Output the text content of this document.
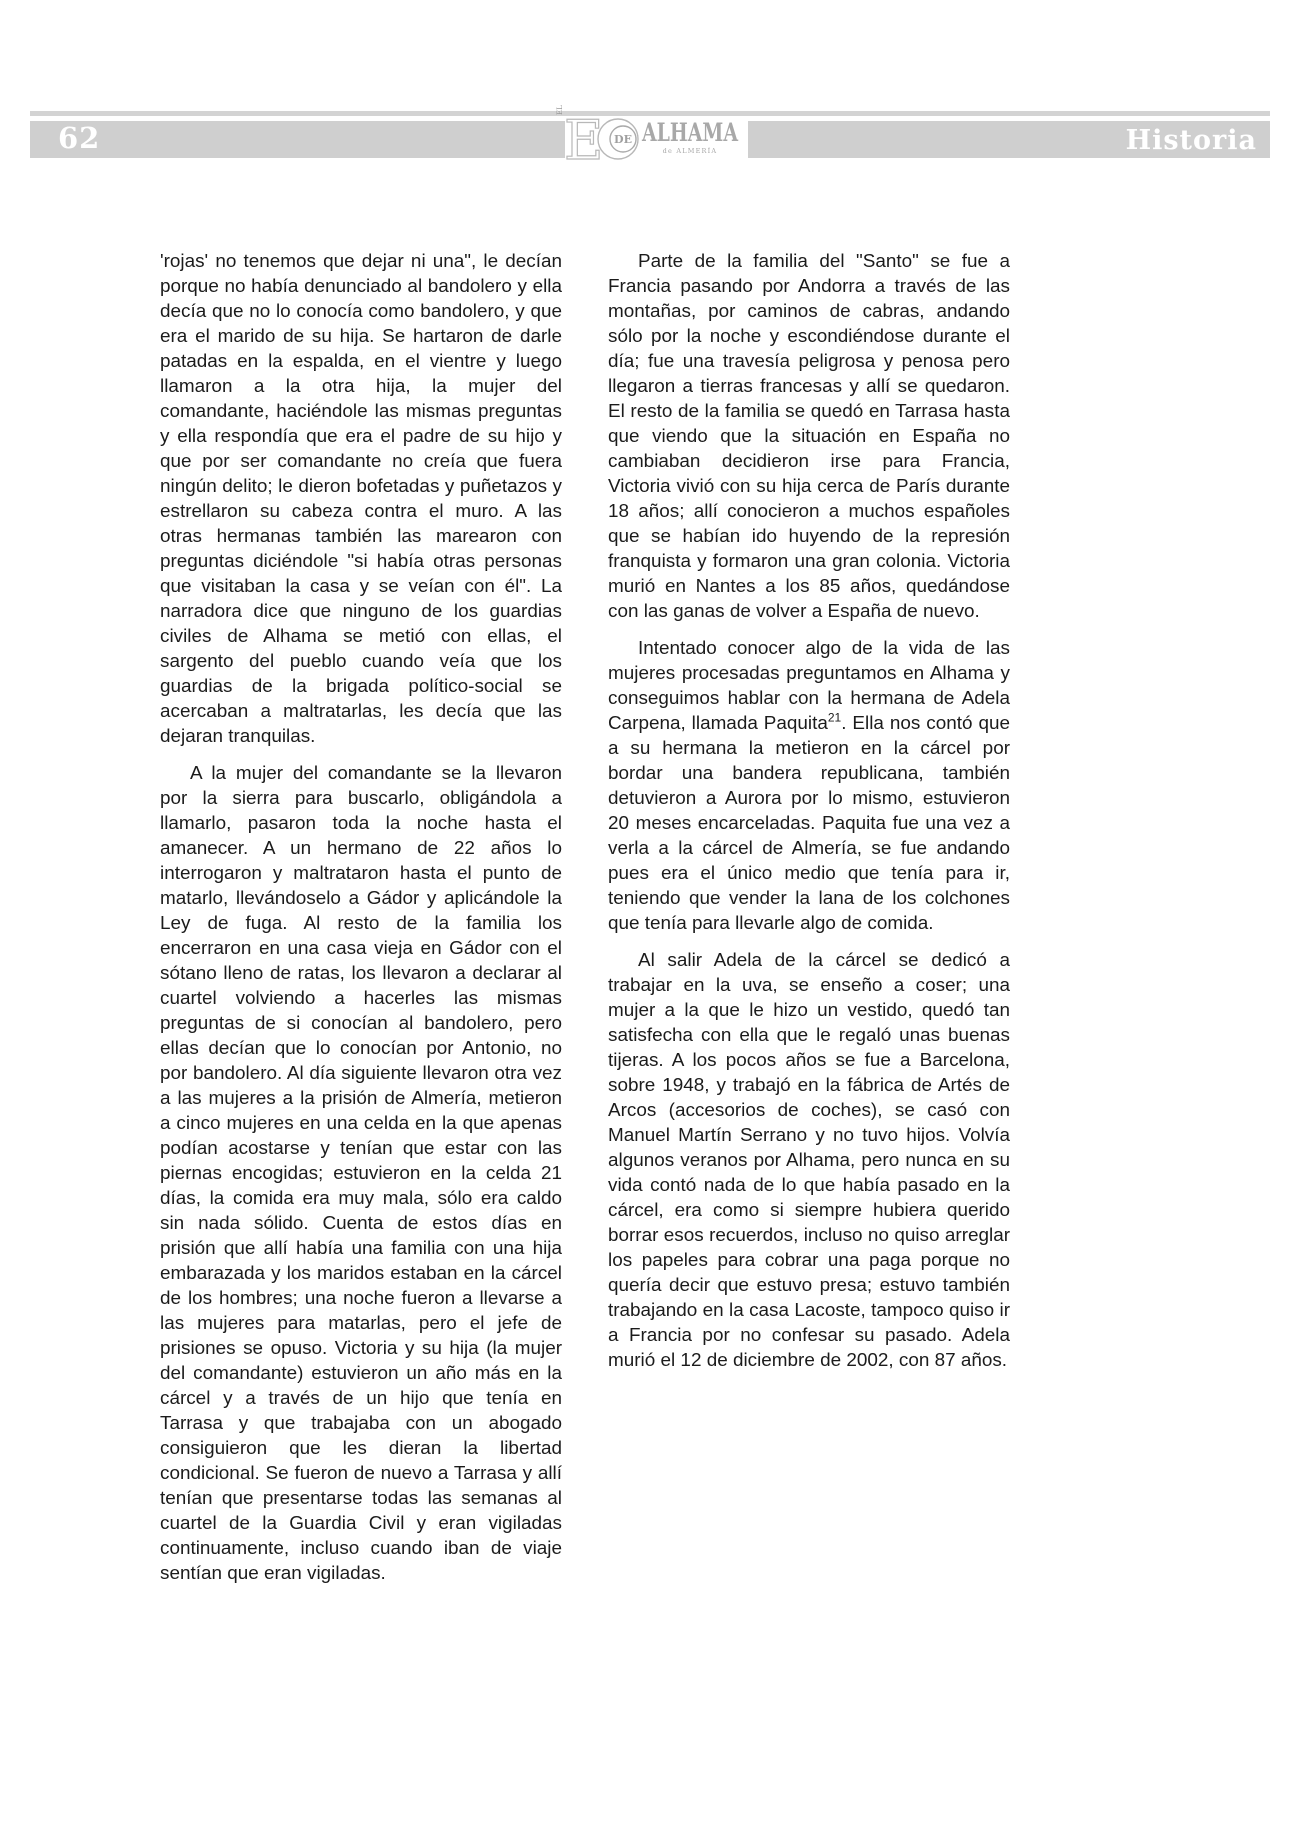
62	Historia
EL E DE ALHAMA
de ALMERÍA

'rojas' no tenemos que dejar ni una", le decían porque no había denunciado al bandolero y ella decía que no lo conocía como bandolero, y que era el marido de su hija. Se hartaron de darle patadas en la espalda, en el vientre y luego llamaron a la otra hija, la mujer del comandante, haciéndole las mismas preguntas y ella respondía que era el padre de su hijo y que por ser comandante no creía que fuera ningún delito; le dieron bofetadas y puñetazos y estrellaron su cabeza contra el muro. A las otras hermanas también las marearon con preguntas diciéndole "si había otras personas que visitaban la casa y se veían con él". La narradora dice que ninguno de los guardias civiles de Alhama se metió con ellas, el sargento del pueblo cuando veía que los guardias de la brigada político-social se acercaban a maltratarlas, les decía que las dejaran tranquilas.

A la mujer del comandante se la llevaron por la sierra para buscarlo, obligándola a llamarlo, pasaron toda la noche hasta el amanecer. A un hermano de 22 años lo interrogaron y maltrataron hasta el punto de matarlo, llevándoselo a Gádor y aplicándole la Ley de fuga. Al resto de la familia los encerraron en una casa vieja en Gádor con el sótano lleno de ratas, los llevaron a declarar al cuartel volviendo a hacerles las mismas preguntas de si conocían al bandolero, pero ellas decían que lo conocían por Antonio, no por bandolero. Al día siguiente llevaron otra vez a las mujeres a la prisión de Almería, metieron a cinco mujeres en una celda en la que apenas podían acostarse y tenían que estar con las piernas encogidas; estuvieron en la celda 21 días, la comida era muy mala, sólo era caldo sin nada sólido. Cuenta de estos días en prisión que allí había una familia con una hija embarazada y los maridos estaban en la cárcel de los hombres; una noche fueron a llevarse a las mujeres para matarlas, pero el jefe de prisiones se opuso. Victoria y su hija (la mujer del comandante) estuvieron un año más en la cárcel y a través de un hijo que tenía en Tarrasa y que trabajaba con un abogado consiguieron que les dieran la libertad condicional. Se fueron de nuevo a Tarrasa y allí tenían que presentarse todas las semanas al cuartel de la Guardia Civil y eran vigiladas continuamente, incluso cuando iban de viaje sentían que eran vigiladas.

Parte de la familia del "Santo" se fue a Francia pasando por Andorra a través de las montañas, por caminos de cabras, andando sólo por la noche y escondiéndose durante el día; fue una travesía peligrosa y penosa pero llegaron a tierras francesas y allí se quedaron. El resto de la familia se quedó en Tarrasa hasta que viendo que la situación en España no cambiaban decidieron irse para Francia, Victoria vivió con su hija cerca de París durante 18 años; allí conocieron a muchos españoles que se habían ido huyendo de la represión franquista y formaron una gran colonia. Victoria murió en Nantes a los 85 años, quedándose con las ganas de volver a España de nuevo.

Intentado conocer algo de la vida de las mujeres procesadas preguntamos en Alhama y conseguimos hablar con la hermana de Adela Carpena, llamada Paquita$^{21}$. Ella nos contó que a su hermana la metieron en la cárcel por bordar una bandera republicana, también detuvieron a Aurora por lo mismo, estuvieron 20 meses encarceladas. Paquita fue una vez a verla a la cárcel de Almería, se fue andando pues era el único medio que tenía para ir, teniendo que vender la lana de los colchones que tenía para llevarle algo de comida.

Al salir Adela de la cárcel se dedicó a trabajar en la uva, se enseño a coser; una mujer a la que le hizo un vestido, quedó tan satisfecha con ella que le regaló unas buenas tijeras. A los pocos años se fue a Barcelona, sobre 1948, y trabajó en la fábrica de Artés de Arcos (accesorios de coches), se casó con Manuel Martín Serrano y no tuvo hijos. Volvía algunos veranos por Alhama, pero nunca en su vida contó nada de lo que había pasado en la cárcel, era como si siempre hubiera querido borrar esos recuerdos, incluso no quiso arreglar los papeles para cobrar una paga porque no quería decir que estuvo presa; estuvo también trabajando en la casa Lacoste, tampoco quiso ir a Francia por no confesar su pasado. Adela murió el 12 de diciembre de 2002, con 87 años.
